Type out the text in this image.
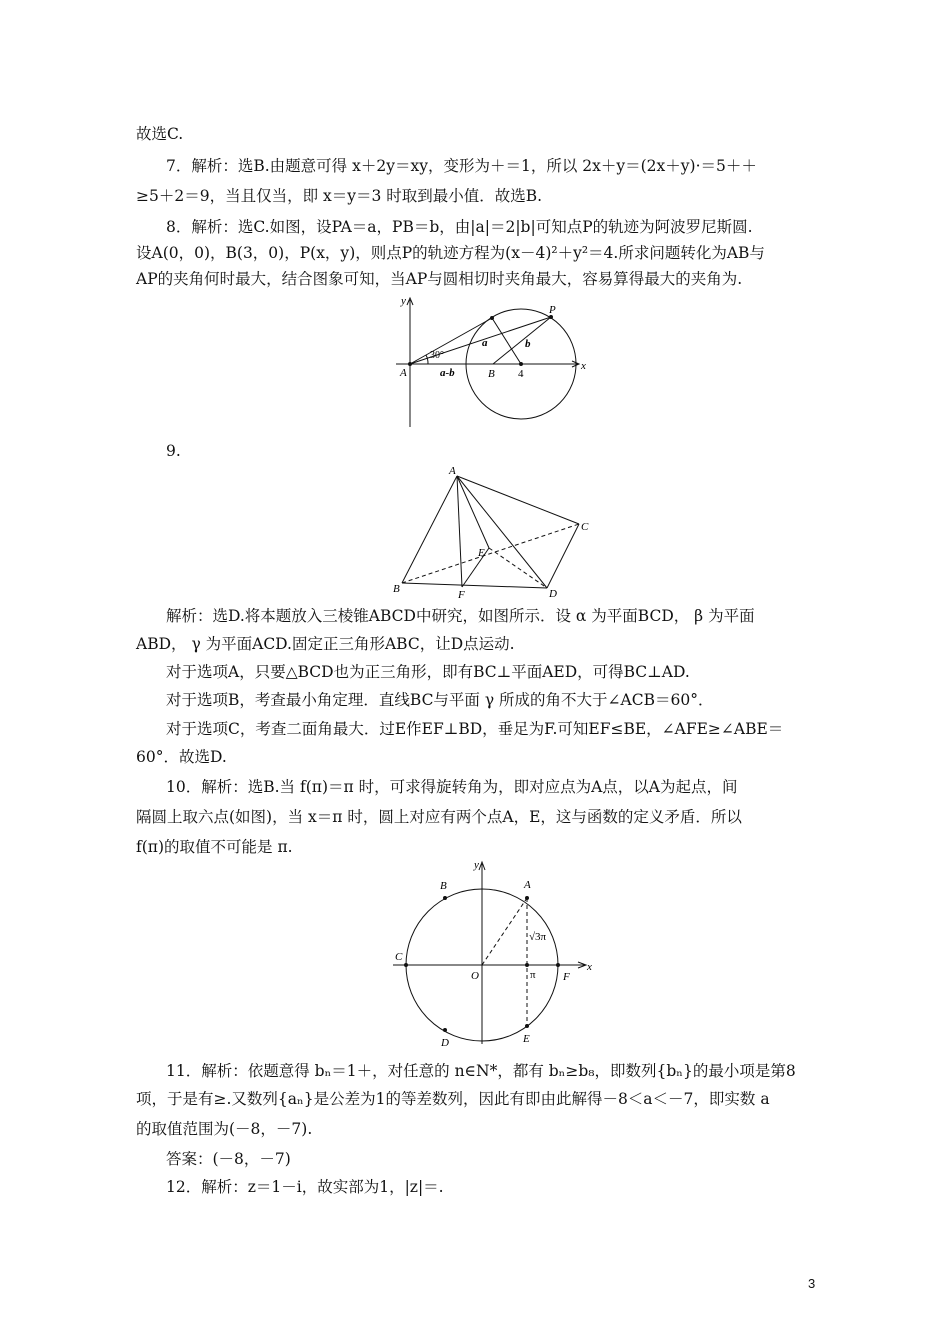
故选C.
7．解析：选B.由题意可得 x＋2y＝xy，变形为＋＝1，所以 2x＋y＝(2x＋y)·＝5＋＋
≥5＋2＝9，当且仅当，即 x＝y＝3 时取到最小值．故选B.
8．解析：选C.如图，设PA＝a，PB＝b，由|a|＝2|b|可知点P的轨迹为阿波罗尼斯圆.
设A(0，0)，B(3，0)，P(x，y)，则点P的轨迹方程为(x－4)²＋y²＝4.所求问题转化为AB与
AP的夹角何时最大，结合图象可知，当AP与圆相切时夹角最大，容易算得最大的夹角为.
y
x
A	B 4
P
a	b
a-b
30°
9.
A
B
C
D
E
F
解析：选D.将本题放入三棱锥ABCD中研究，如图所示．设 α 为平面BCD， β 为平面
ABD， γ 为平面ACD.固定正三角形ABC，让D点运动.
对于选项A，只要△BCD也为正三角形，即有BC⊥平面AED，可得BC⊥AD.
对于选项B，考查最小角定理．直线BC与平面 γ 所成的角不大于∠ACB＝60°．
对于选项C，考查二面角最大．过E作EF⊥BD，垂足为F.可知EF≤BE，∠AFE≥∠ABE＝
60°．故选D.
10．解析：选B.当 f(π)＝π 时，可求得旋转角为，即对应点为A点，以A为起点，间
隔圆上取六点(如图)，当 x＝π 时，圆上对应有两个点A，E，这与函数的定义矛盾．所以
f(π)的取值不可能是 π.
y
x
A
B
C
D	E
F
O	π
√3π
11．解析：依题意得 bₙ＝1＋，对任意的 n∈N*，都有 bₙ≥b₈，即数列{bₙ}的最小项是第8
项，于是有≥.又数列{aₙ}是公差为1的等差数列，因此有即由此解得－8＜a＜－7，即实数 a
的取值范围为(－8，－7).
答案：(－8，－7)
12．解析：z＝1－i，故实部为1，|z|＝.
3
